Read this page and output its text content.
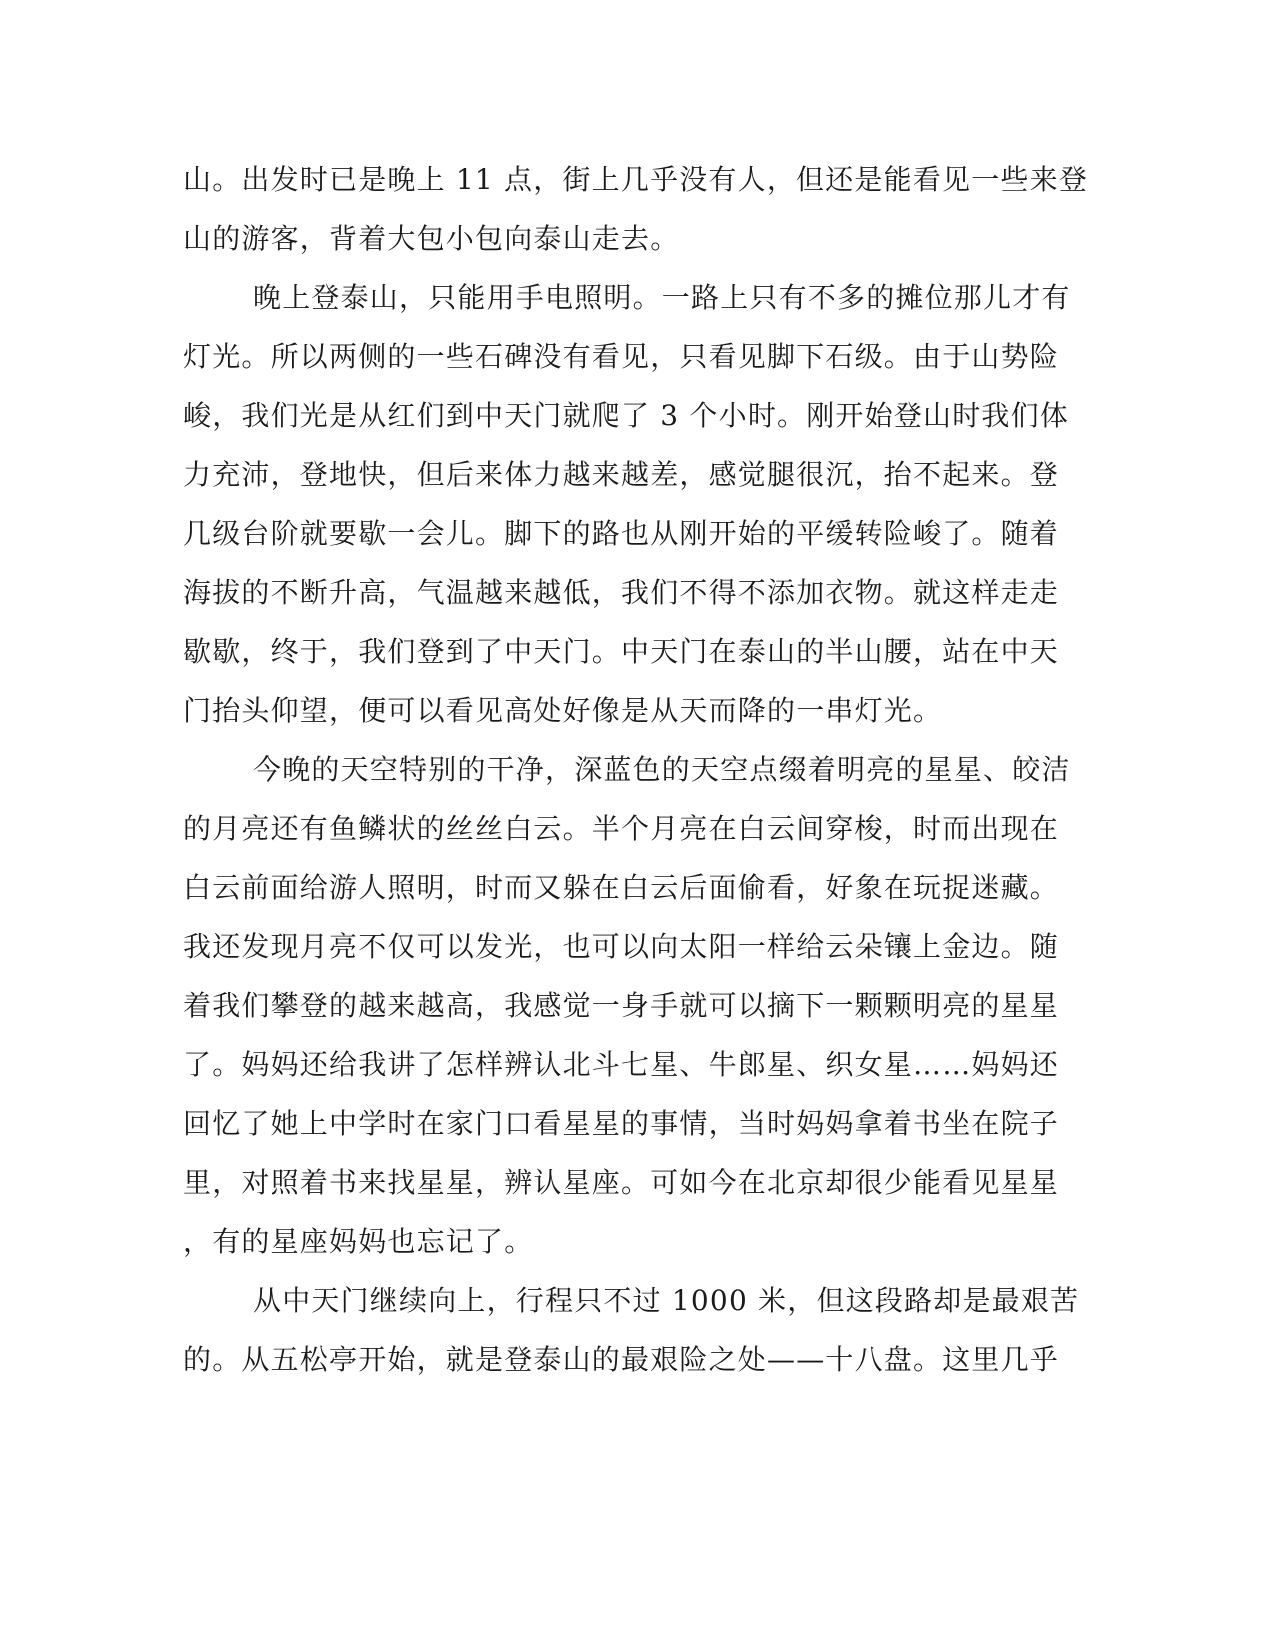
山。出发时已是晚上 11 点，街上几乎没有人，但还是能看见一些来登
山的游客，背着大包小包向泰山走去。
晚上登泰山，只能用手电照明。一路上只有不多的摊位那儿才有
灯光。所以两侧的一些石碑没有看见，只看见脚下石级。由于山势险
峻，我们光是从红们到中天门就爬了 3 个小时。刚开始登山时我们体
力充沛，登地快，但后来体力越来越差，感觉腿很沉，抬不起来。登
几级台阶就要歇一会儿。脚下的路也从刚开始的平缓转险峻了。随着
海拔的不断升高，气温越来越低，我们不得不添加衣物。就这样走走
歇歇，终于，我们登到了中天门。中天门在泰山的半山腰，站在中天
门抬头仰望，便可以看见高处好像是从天而降的一串灯光。
今晚的天空特别的干净，深蓝色的天空点缀着明亮的星星、皎洁
的月亮还有鱼鳞状的丝丝白云。半个月亮在白云间穿梭，时而出现在
白云前面给游人照明，时而又躲在白云后面偷看，好象在玩捉迷藏。
我还发现月亮不仅可以发光，也可以向太阳一样给云朵镶上金边。随
着我们攀登的越来越高，我感觉一身手就可以摘下一颗颗明亮的星星
了。妈妈还给我讲了怎样辨认北斗七星、牛郎星、织女星……妈妈还
回忆了她上中学时在家门口看星星的事情，当时妈妈拿着书坐在院子
里，对照着书来找星星，辨认星座。可如今在北京却很少能看见星星
，有的星座妈妈也忘记了。
从中天门继续向上，行程只不过 1000 米，但这段路却是最艰苦
的。从五松亭开始，就是登泰山的最艰险之处——十八盘。这里几乎
